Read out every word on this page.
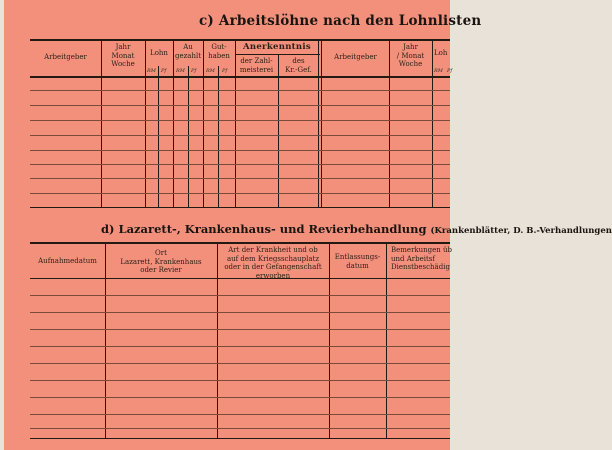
c) Arbeitslöhne nach den Lohnlisten
Arbeitgeber
Jahr
Monat
Woche
Lohn
Au
gezahlt
Gut-
haben
Anerkenntnis
der Zahl-
meisterei
des
Kr.-Gef.
Arbeitgeber
Jahr
/ Monat
Woche
Loh
RM Pf RM Pf RM Pf	RM Pf
d) Lazarett-, Krankenhaus- und Revierbehandlung (Krankenblätter, D. B.-Verhandlungen
Aufnahmedatum
Ort
Lazarett, Krankenhaus
oder Revier
Art der Krankheit und ob
auf dem Kriegsschauplatz
oder in der Gefangenschaft
erworben
Entlassungs-
datum
Bemerkungen üb
und Arbeitsf
Dienstbeschädig
